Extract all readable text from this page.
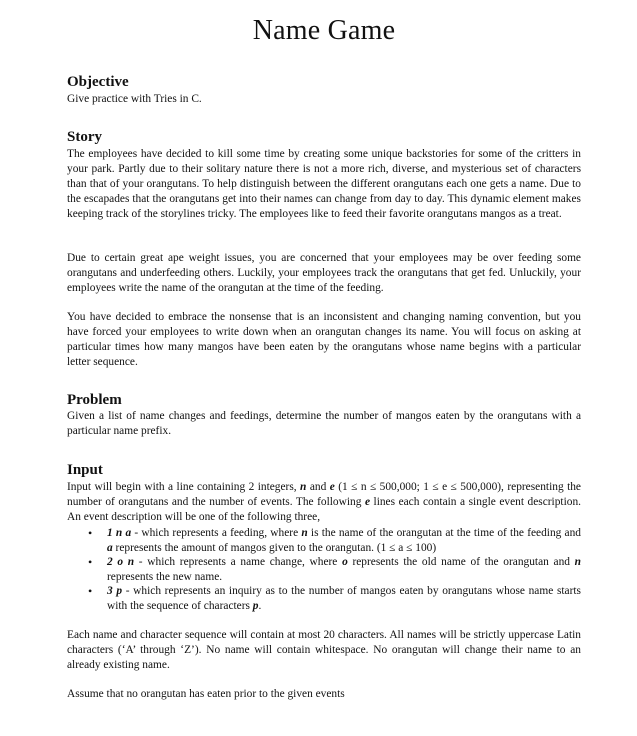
Name Game
Objective

Give practice with Tries in C.

Story

The employees have decided to kill some time by creating some unique backstories for some of the critters in your park. Partly due to their solitary nature there is not a more rich, diverse, and mysterious set of characters than that of your orangutans. To help distinguish between the different orangutans each one gets a name. Due to the escapades that the orangutans get into their names can change from day to day. This dynamic element makes keeping track of the storylines tricky. The employees like to feed their favorite orangutans mangos as a treat.

Due to certain great ape weight issues, you are concerned that your employees may be over feeding some orangutans and underfeeding others. Luckily, your employees track the orangutans that get fed. Unluckily, your employees write the name of the orangutan at the time of the feeding.

You have decided to embrace the nonsense that is an inconsistent and changing naming convention, but you have forced your employees to write down when an orangutan changes its name. You will focus on asking at particular times how many mangos have been eaten by the orangutans whose name begins with a particular letter sequence.

Problem

Given a list of name changes and feedings, determine the number of mangos eaten by the orangutans with a particular name prefix.

Input

Input will begin with a line containing 2 integers, n and e (1 ≤ n ≤ 500,000; 1 ≤ e ≤ 500,000), representing the number of orangutans and the number of events. The following e lines each contain a single event description. An event description will be one of the following three,

• 1 n a - which represents a feeding, where n is the name of the orangutan at the time of the feeding and a represents the amount of mangos given to the orangutan. (1 ≤ a ≤ 100)
• 2 o n - which represents a name change, where o represents the old name of the orangutan and n represents the new name.
• 3 p - which represents an inquiry as to the number of mangos eaten by orangutans whose name starts with the sequence of characters p.

Each name and character sequence will contain at most 20 characters. All names will be strictly uppercase Latin characters (‘A’ through ‘Z’). No name will contain whitespace. No orangutan will change their name to an already existing name.

Assume that no orangutan has eaten prior to the given events
